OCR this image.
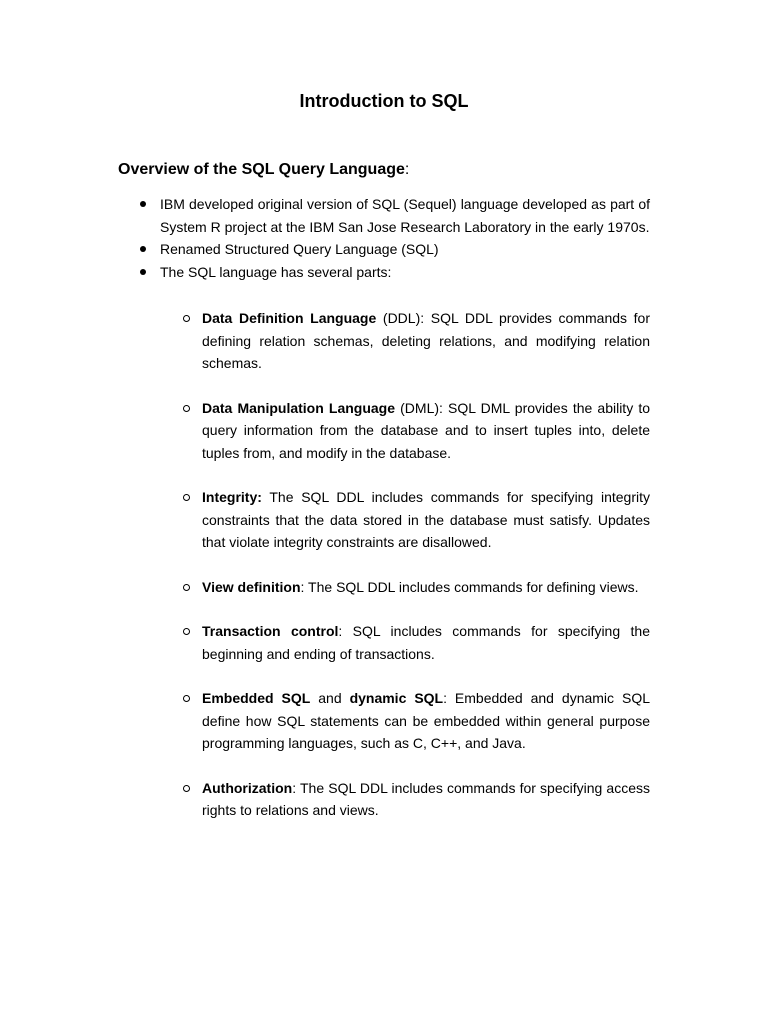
Introduction to SQL
Overview of the SQL Query Language:
IBM developed original version of SQL (Sequel) language developed as part of System R project at the IBM San Jose Research Laboratory in the early 1970s.
Renamed Structured Query Language (SQL)
The SQL language has several parts:
Data Definition Language (DDL): SQL DDL provides commands for defining relation schemas, deleting relations, and modifying relation schemas.
Data Manipulation Language (DML): SQL DML provides the ability to query information from the database and to insert tuples into, delete tuples from, and modify in the database.
Integrity: The SQL DDL includes commands for specifying integrity constraints that the data stored in the database must satisfy. Updates that violate integrity constraints are disallowed.
View definition: The SQL DDL includes commands for defining views.
Transaction control: SQL includes commands for specifying the beginning and ending of transactions.
Embedded SQL and dynamic SQL: Embedded and dynamic SQL define how SQL statements can be embedded within general purpose programming languages, such as C, C++, and Java.
Authorization: The SQL DDL includes commands for specifying access rights to relations and views.
